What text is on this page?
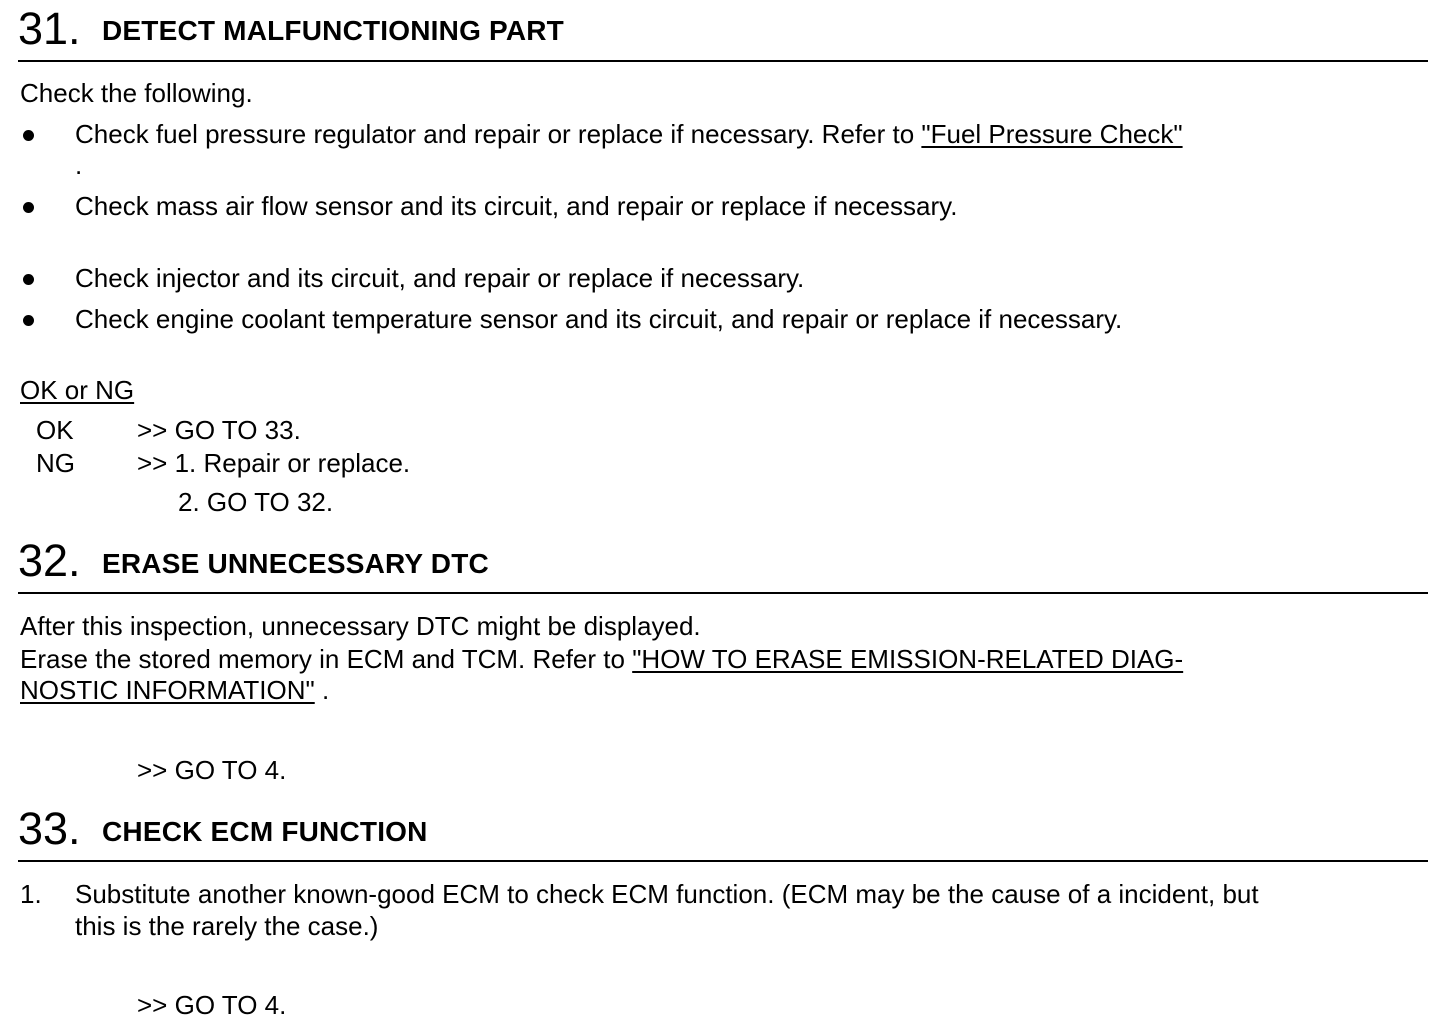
31. DETECT MALFUNCTIONING PART
Check the following.
Check fuel pressure regulator and repair or replace if necessary. Refer to "Fuel Pressure Check"
.
Check mass air flow sensor and its circuit, and repair or replace if necessary.
Check injector and its circuit, and repair or replace if necessary.
Check engine coolant temperature sensor and its circuit, and repair or replace if necessary.
OK or NG
OK >> GO TO 33.
NG >> 1. Repair or replace.
2. GO TO 32.
32. ERASE UNNECESSARY DTC
After this inspection, unnecessary DTC might be displayed.
Erase the stored memory in ECM and TCM. Refer to "HOW TO ERASE EMISSION-RELATED DIAG-
NOSTIC INFORMATION" .
>> GO TO 4.
33. CHECK ECM FUNCTION
1. Substitute another known-good ECM to check ECM function. (ECM may be the cause of a incident, but
this is the rarely the case.)
>> GO TO 4.
